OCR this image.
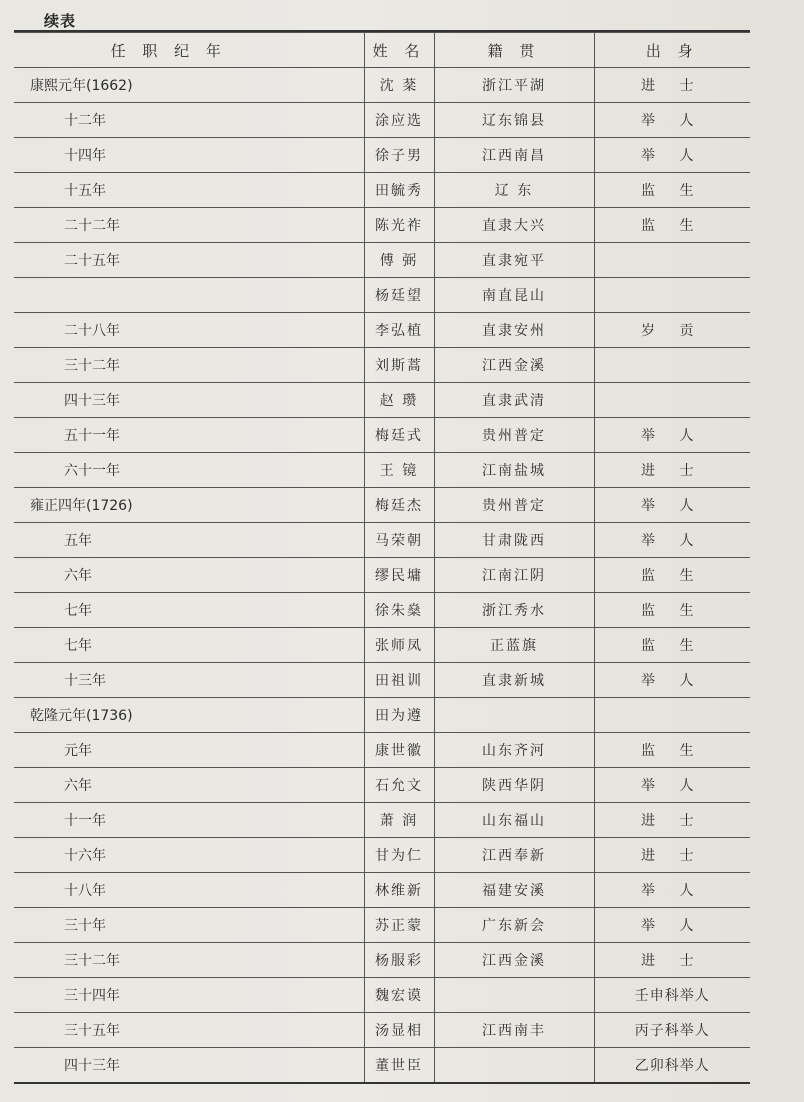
续表
任 职 纪 年	姓 名	籍 贯	出 身
康熙元年(1662)	沈 棻	浙江平湖	进 士
十二年	涂应选	辽东锦县	举 人
十四年	徐子男	江西南昌	举 人
十五年	田毓秀	辽 东	监 生
二十二年	陈光祚	直隶大兴	监 生
二十五年	傅 弼	直隶宛平	
	杨廷望	南直昆山	
二十八年	李弘植	直隶安州	岁 贡
三十二年	刘斯蒿	江西金溪	
四十三年	赵 瓒	直隶武清	
五十一年	梅廷式	贵州普定	举 人
六十一年	王 镜	江南盐城	进 士
雍正四年(1726)	梅廷杰	贵州普定	举 人
五年	马荣朝	甘肃陇西	举 人
六年	缪民墉	江南江阴	监 生
七年	徐朱燊	浙江秀水	监 生
七年	张师凤	正蓝旗	监 生
十三年	田祖训	直隶新城	举 人
乾隆元年(1736)	田为遵		
元年	康世徽	山东齐河	监 生
六年	石允文	陕西华阴	举 人
十一年	萧 润	山东福山	进 士
十六年	甘为仁	江西奉新	进 士
十八年	林维新	福建安溪	举 人
三十年	苏正蒙	广东新会	举 人
三十二年	杨服彩	江西金溪	进 士
三十四年	魏宏谟		壬申科举人
三十五年	汤显相	江西南丰	丙子科举人
四十三年	董世臣		乙卯科举人
